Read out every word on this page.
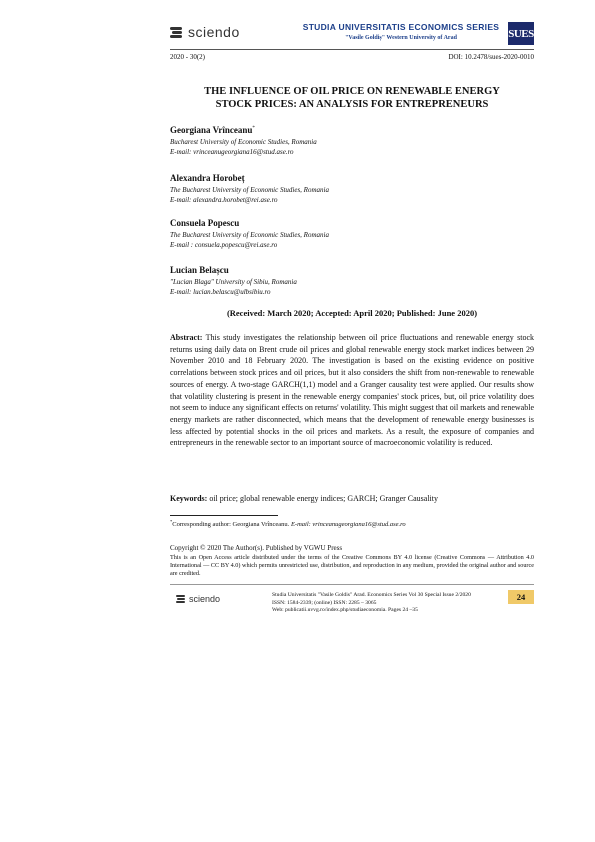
sciendo	STUDIA UNIVERSITATIS ECONOMICS SERIES
"Vasile Goldiș" Western University of Arad	SUES
2020 - 30(2)	DOI: 10.2478/sues-2020-0010
THE INFLUENCE OF OIL PRICE ON RENEWABLE ENERGY
STOCK PRICES: AN ANALYSIS FOR ENTREPRENEURS
Georgiana Vrînceanu*
Bucharest University of Economic Studies, Romania
E-mail: vrinceanugeorgiana16@stud.ase.ro
Alexandra Horobeț
The Bucharest University of Economic Studies, Romania
E-mail: alexandra.horobet@rei.ase.ro
Consuela Popescu
The Bucharest University of Economic Studies, Romania
E-mail : consuela.popescu@rei.ase.ro
Lucian Belașcu
"Lucian Blaga" University of Sibiu, Romania
E-mail: lucian.belascu@ulbsibiu.ro
(Received: March 2020; Accepted: April 2020; Published: June 2020)
Abstract: This study investigates the relationship between oil price fluctuations and renewable energy stock returns using daily data on Brent crude oil prices and global renewable energy stock market indices between 29 November 2010 and 18 February 2020. The investigation is based on the existing evidence on positive correlations between stock prices and oil prices, but it also considers the shift from non-renewable to renewable sources of energy. A two-stage GARCH(1,1) model and a Granger causality test were applied. Our results show that volatility clustering is present in the renewable energy companies' stock prices, but, oil price volatility does not seem to induce any significant effects on returns' volatility. This might suggest that oil markets and renewable energy markets are rather disconnected, which means that the development of renewable energy businesses is less affected by potential shocks in the oil prices and markets. As a result, the exposure of companies and entrepreneurs in the renewable sector to an important source of macroeconomic volatility is reduced.
Keywords: oil price; global renewable energy indices; GARCH; Granger Causality
*Corresponding author: Georgiana Vrînceanu. E-mail: vrinceanugeorgiana16@stud.ase.ro
Copyright © 2020 The Author(s). Published by VGWU Press
This is an Open Access article distributed under the terms of the Creative Commons BY 4.0 license (Creative Commons — Attribution 4.0 International — CC BY 4.0) which permits unrestricted use, distribution, and reproduction in any medium, provided the original author and source are credited.
sciendo	Studia Universitatis "Vasile Goldis" Arad. Economics Series Vol 30 Special Issue 2/2020
ISSN: 1584-2339; (online) ISSN: 2285 – 3065
Web: publicatii.uvvg.ro/index.php/studiaeconomia. Pages 24 –35
24
